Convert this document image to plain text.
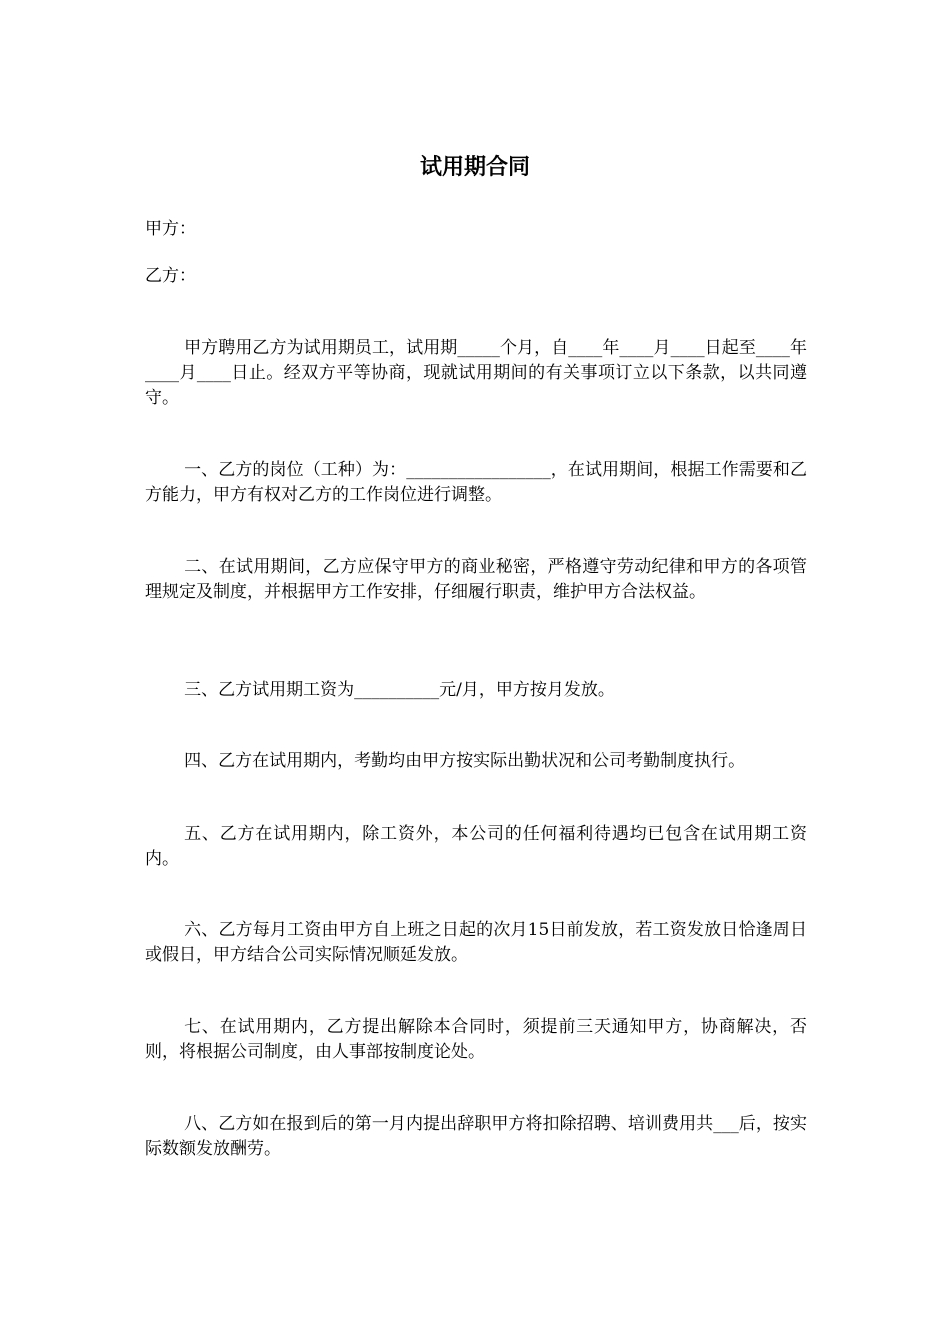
试用期合同

甲方：

乙方：

甲方聘用乙方为试用期员工，试用期_____个月，自____年____月____日起至____年____月____日止。经双方平等协商，现就试用期间的有关事项订立以下条款，以共同遵守。

一、乙方的岗位（工种）为：_________________，在试用期间，根据工作需要和乙方能力，甲方有权对乙方的工作岗位进行调整。

二、在试用期间，乙方应保守甲方的商业秘密，严格遵守劳动纪律和甲方的各项管理规定及制度，并根据甲方工作安排，仔细履行职责，维护甲方合法权益。

三、乙方试用期工资为__________元/月，甲方按月发放。

四、乙方在试用期内，考勤均由甲方按实际出勤状况和公司考勤制度执行。

五、乙方在试用期内，除工资外，本公司的任何福利待遇均已包含在试用期工资内。

六、乙方每月工资由甲方自上班之日起的次月15日前发放，若工资发放日恰逢周日或假日，甲方结合公司实际情况顺延发放。

七、在试用期内，乙方提出解除本合同时，须提前三天通知甲方，协商解决，否则，将根据公司制度，由人事部按制度论处。

八、乙方如在报到后的第一月内提出辞职甲方将扣除招聘、培训费用共___后，按实际数额发放酬劳。
